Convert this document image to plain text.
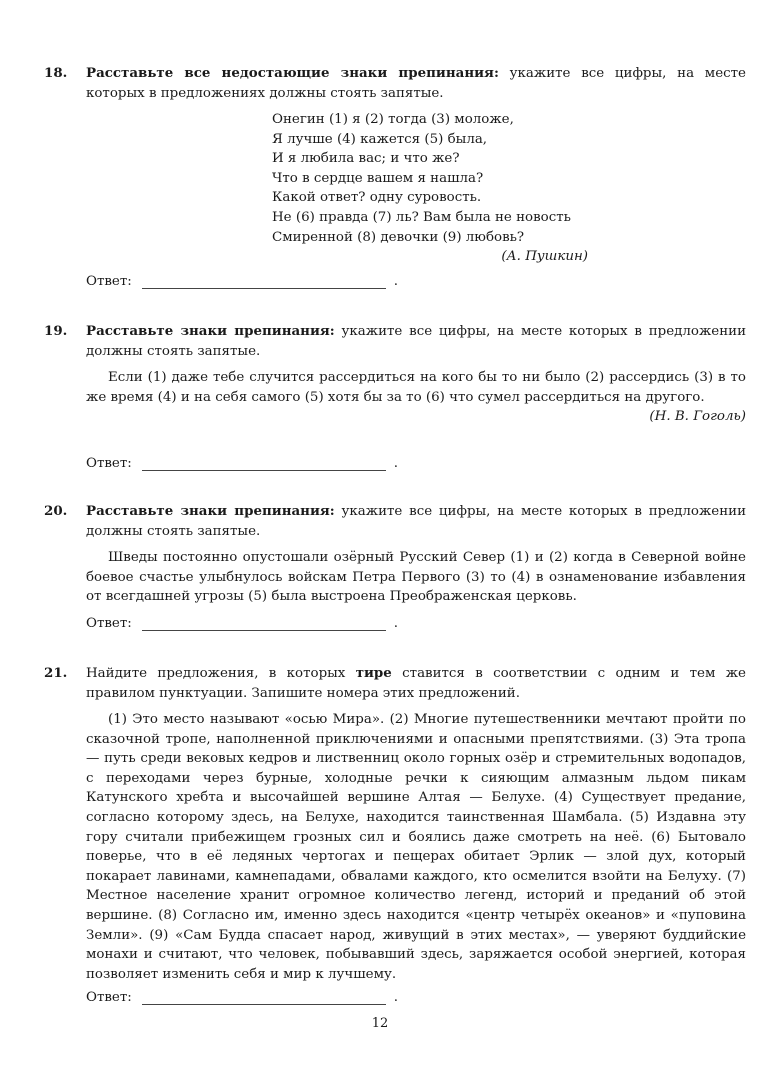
18. Расставьте все недостающие знаки препинания: укажите все цифры, на месте которых в предложениях должны стоять запятые.
Онегин (1) я (2) тогда (3) моложе,
Я лучше (4) кажется (5) была,
И я любила вас; и что же?
Что в сердце вашем я нашла?
Какой ответ? одну суровость.
Не (6) правда (7) ль? Вам была не новость
Смиренной (8) девочки (9) любовь?
(А. Пушкин)
Ответ:	.
19. Расставьте знаки препинания: укажите все цифры, на месте которых в предложении должны стоять запятые.
Если (1) даже тебе случится рассердиться на кого бы то ни было (2) рассердись (3) в то же время (4) и на себя самого (5) хотя бы за то (6) что сумел рассердиться на другого.
(Н. В. Гоголь)
Ответ:	.
20. Расставьте знаки препинания: укажите все цифры, на месте которых в предложении должны стоять запятые.
Шведы постоянно опустошали озёрный Русский Север (1) и (2) когда в Северной войне боевое счастье улыбнулось войскам Петра Первого (3) то (4) в ознаменование избавления от всегдашней угрозы (5) была выстроена Преображенская церковь.
Ответ:	.
21. Найдите предложения, в которых тире ставится в соответствии с одним и тем же правилом пунктуации. Запишите номера этих предложений.
(1) Это место называют «осью Мира». (2) Многие путешественники мечтают пройти по сказочной тропе, наполненной приключениями и опасными препятствиями. (3) Эта тропа — путь среди вековых кедров и лиственниц около горных озёр и стремительных водопадов, с переходами через бурные, холодные речки к сияющим алмазным льдом пикам Катунского хребта и высочайшей вершине Алтая — Белухе. (4) Существует предание, согласно которому здесь, на Белухе, находится таинственная Шамбала. (5) Издавна эту гору считали прибежищем грозных сил и боялись даже смотреть на неё. (6) Бытовало поверье, что в её ледяных чертогах и пещерах обитает Эрлик — злой дух, который покарает лавинами, камнепадами, обвалами каждого, кто осмелится взойти на Белуху. (7) Местное население хранит огромное количество легенд, историй и преданий об этой вершине. (8) Согласно им, именно здесь находится «центр четырёх океанов» и «пуповина Земли». (9) «Сам Будда спасает народ, живущий в этих местах», — уверяют буддийские монахи и считают, что человек, побывавший здесь, заряжается особой энергией, которая позволяет изменить себя и мир к лучшему.
Ответ:	.
12
